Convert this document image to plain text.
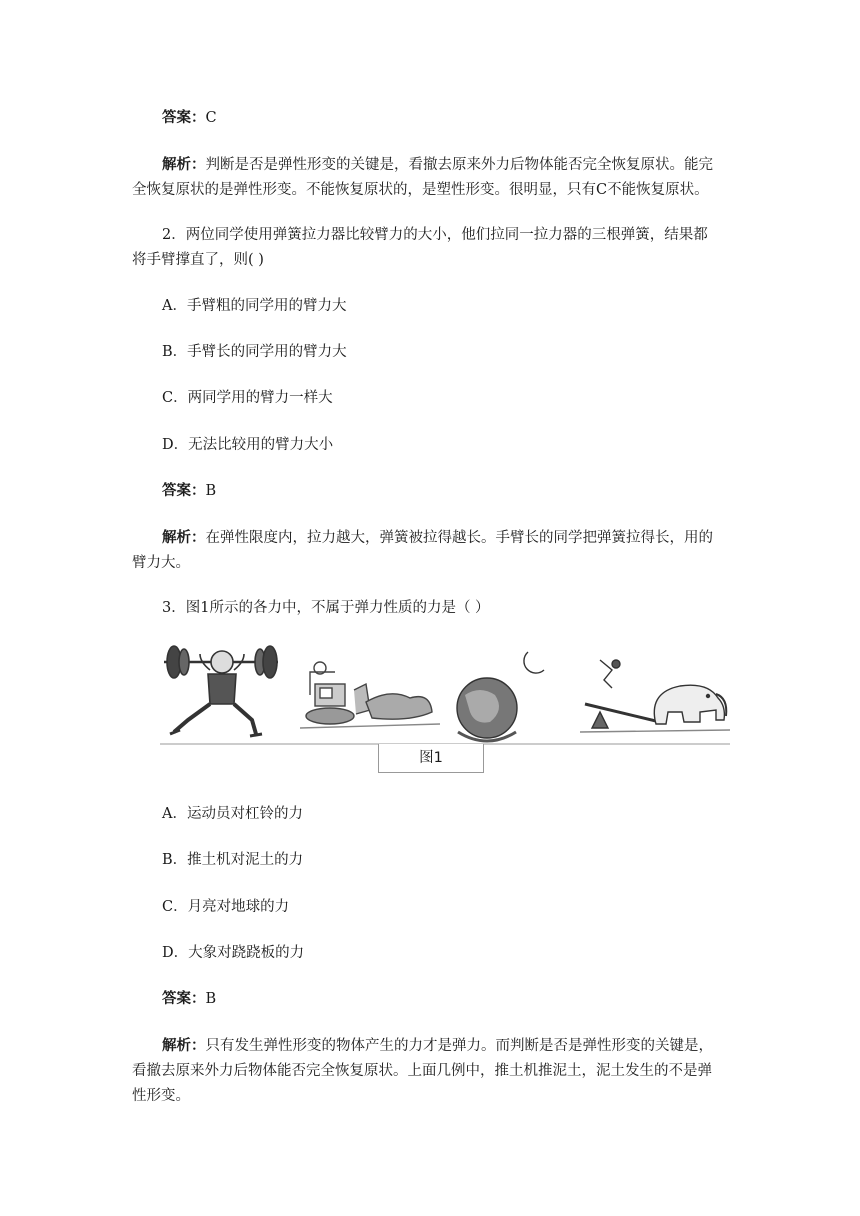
答案：C
解析：判断是否是弹性形变的关键是，看撤去原来外力后物体能否完全恢复原状。能完
全恢复原状的是弹性形变。不能恢复原状的，是塑性形变。很明显，只有C不能恢复原状。
2．两位同学使用弹簧拉力器比较臂力的大小，他们拉同一拉力器的三根弹簧，结果都
将手臂撑直了，则( )
A．手臂粗的同学用的臂力大
B．手臂长的同学用的臂力大
C．两同学用的臂力一样大
D．无法比较用的臂力大小
答案：B
解析：在弹性限度内，拉力越大，弹簧被拉得越长。手臂长的同学把弹簧拉得长，用的
臂力大。
3．图1所示的各力中，不属于弹力性质的力是（ ）
图1
A．运动员对杠铃的力
B．推土机对泥土的力
C．月亮对地球的力
D．大象对跷跷板的力
答案：B
解析：只有发生弹性形变的物体产生的力才是弹力。而判断是否是弹性形变的关键是，
看撤去原来外力后物体能否完全恢复原状。上面几例中，推土机推泥土，泥土发生的不是弹
性形变。
